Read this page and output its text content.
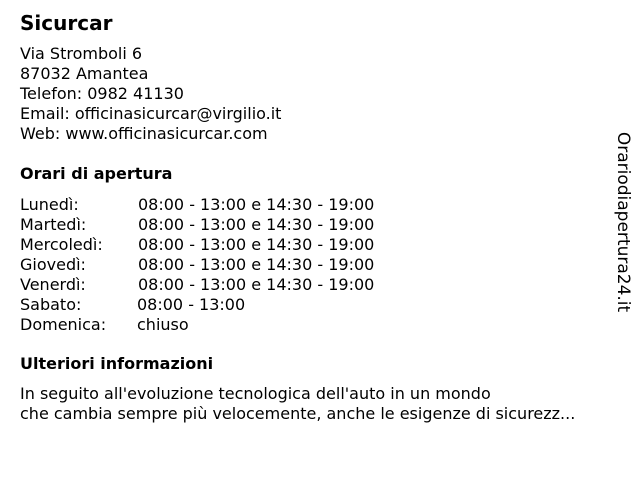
Sicurcar
Via Stromboli 6
87032 Amantea
Telefon: 0982 41130
Email: officinasicurcar@virgilio.it
Web: www.officinasicurcar.com
Orari di apertura
Lunedì:	08:00 - 13:00 e 14:30 - 19:00
Martedì:	08:00 - 13:00 e 14:30 - 19:00
Mercoledì: 08:00 - 13:00 e 14:30 - 19:00
Giovedì:	08:00 - 13:00 e 14:30 - 19:00
Venerdì:	08:00 - 13:00 e 14:30 - 19:00
Sabato:	08:00 - 13:00
Domenica: chiuso
Ulteriori informazioni
In seguito all'evoluzione tecnologica dell'auto in un mondo
che cambia sempre più velocemente, anche le esigenze di sicurezz...
Orariodiapertura24.it
